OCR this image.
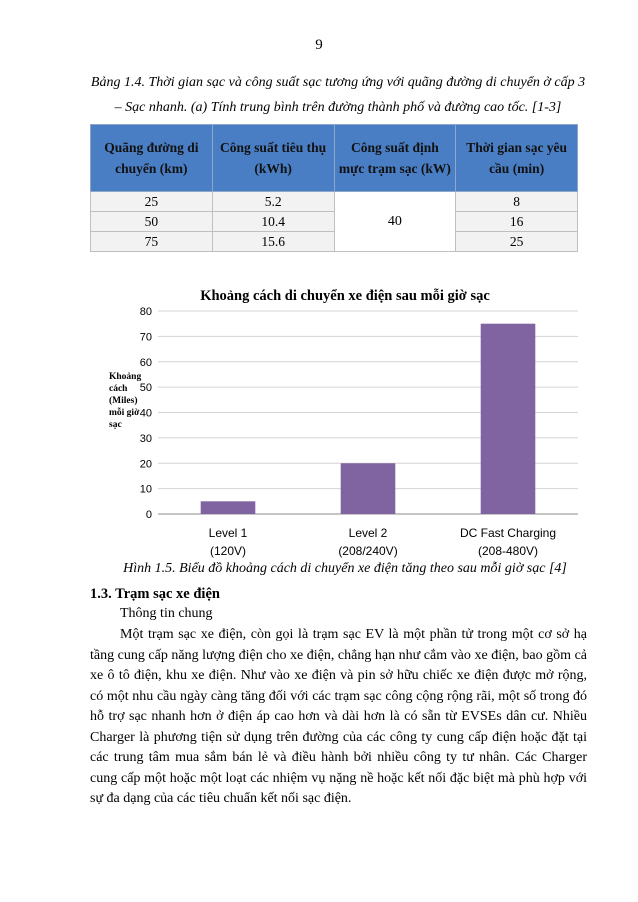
9
Bảng 1.4. Thời gian sạc và công suất sạc tương ứng với quãng đường di chuyển ở cấp 3 – Sạc nhanh. (a) Tính trung bình trên đường thành phố và đường cao tốc. [1-3]
Quãng đường di chuyển (km)	Công suất tiêu thụ (kWh)	Công suất định mực trạm sạc (kW)	Thời gian sạc yêu cầu (min)
25	5.2	40	8
50	10.4		16
75	15.6		25
Khoảng cách di chuyển xe điện sau mỗi giờ sạc
Khoảng
cách
(Miles)
mỗi giờ
sạc
0
10
20
30
40
50
60
70
80
Level 1
(120V)
Level 2
(208/240V)
DC Fast Charging
(208-480V)
Hình 1.5. Biểu đồ khoảng cách di chuyển xe điện tăng theo sau mỗi giờ sạc [4]
1.3. Trạm sạc xe điện
Thông tin chung

Một trạm sạc xe điện, còn gọi là trạm sạc EV là một phần tử trong một cơ sở hạ tầng cung cấp năng lượng điện cho xe điện, chẳng hạn như cắm vào xe điện, bao gồm cả xe ô tô điện, khu xe điện. Như vào xe điện và pin sở hữu chiếc xe điện được mở rộng, có một nhu cầu ngày càng tăng đối với các trạm sạc công cộng rộng rãi, một số trong đó hỗ trợ sạc nhanh hơn ở điện áp cao hơn và dài hơn là có sẵn từ EVSEs dân cư. Nhiều Charger là phương tiện sử dụng trên đường của các công ty cung cấp điện hoặc đặt tại các trung tâm mua sắm bán lẻ và điều hành bởi nhiều công ty tư nhân. Các Charger cung cấp một hoặc một loạt các nhiệm vụ nặng nề hoặc kết nối đặc biệt mà phù hợp với sự đa dạng của các tiêu chuẩn kết nối sạc điện.
